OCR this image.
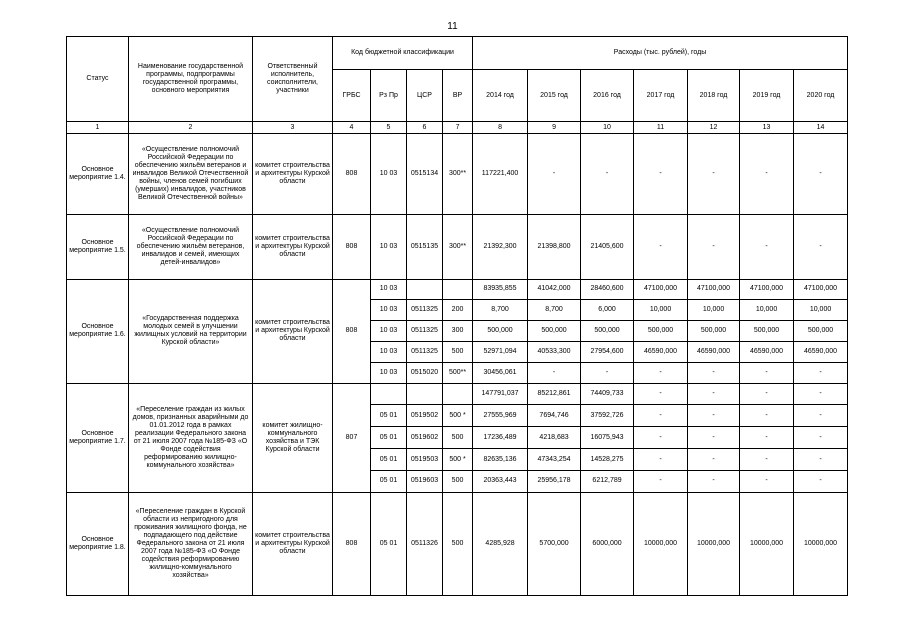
11
Статус	Наименование государственной программы, подпрограммы государственной программы, основного мероприятия	Ответственный исполнитель, соисполнители, участники	Код бюджетной классификации				Расходы (тыс. рублей), годы						
			ГРБС	Рз Пр	ЦСР	ВР	2014 год	2015 год	2016 год	2017 год	2018 год	2019 год	2020 год
1	2	3	4	5	6	7	8	9	10	11	12	13	14
Основное мероприятие 1.4.	«Осуществление полномочий Российской Федерации по обеспечению жильём ветеранов и инвалидов Великой Отечественной войны, членов семей погибших (умерших) инвалидов, участников Великой Отечественной войны»	комитет строительства и архитектуры Курской области	808	10 03	0515134	300**	117221,400	-	-	-	-	-	-
Основное мероприятие 1.5.	«Осуществление полномочий Российской Федерации по обеспечению жильём ветеранов, инвалидов и семей, имеющих детей-инвалидов»	комитет строительства и архитектуры Курской области	808	10 03	0515135	300**	21392,300	21398,800	21405,600	-	-	-	-
Основное мероприятие 1.6.	«Государственная поддержка молодых семей в улучшении жилищных условий на территории Курской области»	комитет строительства и архитектуры Курской области	808	10 03			83935,855	41042,000	28460,600	47100,000	47100,000	47100,000	47100,000
				10 03	0511325	200	8,700	8,700	6,000	10,000	10,000	10,000	10,000
				10 03	0511325	300	500,000	500,000	500,000	500,000	500,000	500,000	500,000
				10 03	0511325	500	52971,094	40533,300	27954,600	46590,000	46590,000	46590,000	46590,000
				10 03	0515020	500**	30456,061	-	-	-	-	-	-
Основное мероприятие 1.7.	«Переселение граждан из жилых домов, признанных аварийными до 01.01.2012 года в рамках реализации Федерального закона от 21 июля 2007 года №185-ФЗ «О Фонде содействия реформированию жилищно-коммунального хозяйства»	комитет жилищно-коммунального хозяйства и ТЭК Курской области	807				147791,037	85212,861	74409,733	-	-	-	-
				05 01	0519502	500 *	27555,969	7694,746	37592,726	-	-	-	-
				05 01	0519602	500	17236,489	4218,683	16075,943	-	-	-	-
				05 01	0519503	500 *	82635,136	47343,254	14528,275	-	-	-	-
				05 01	0519603	500	20363,443	25956,178	6212,789	-	-	-	-
Основное мероприятие 1.8.	«Переселение граждан в Курской области из непригодного для проживания жилищного фонда, не подпадающего под действие Федерального закона от 21 июля 2007 года №185-ФЗ «О Фонде содействия реформированию жилищно-коммунального хозяйства»	комитет строительства и архитектуры Курской области	808	05 01	0511326	500	4285,928	5700,000	6000,000	10000,000	10000,000	10000,000	10000,000
